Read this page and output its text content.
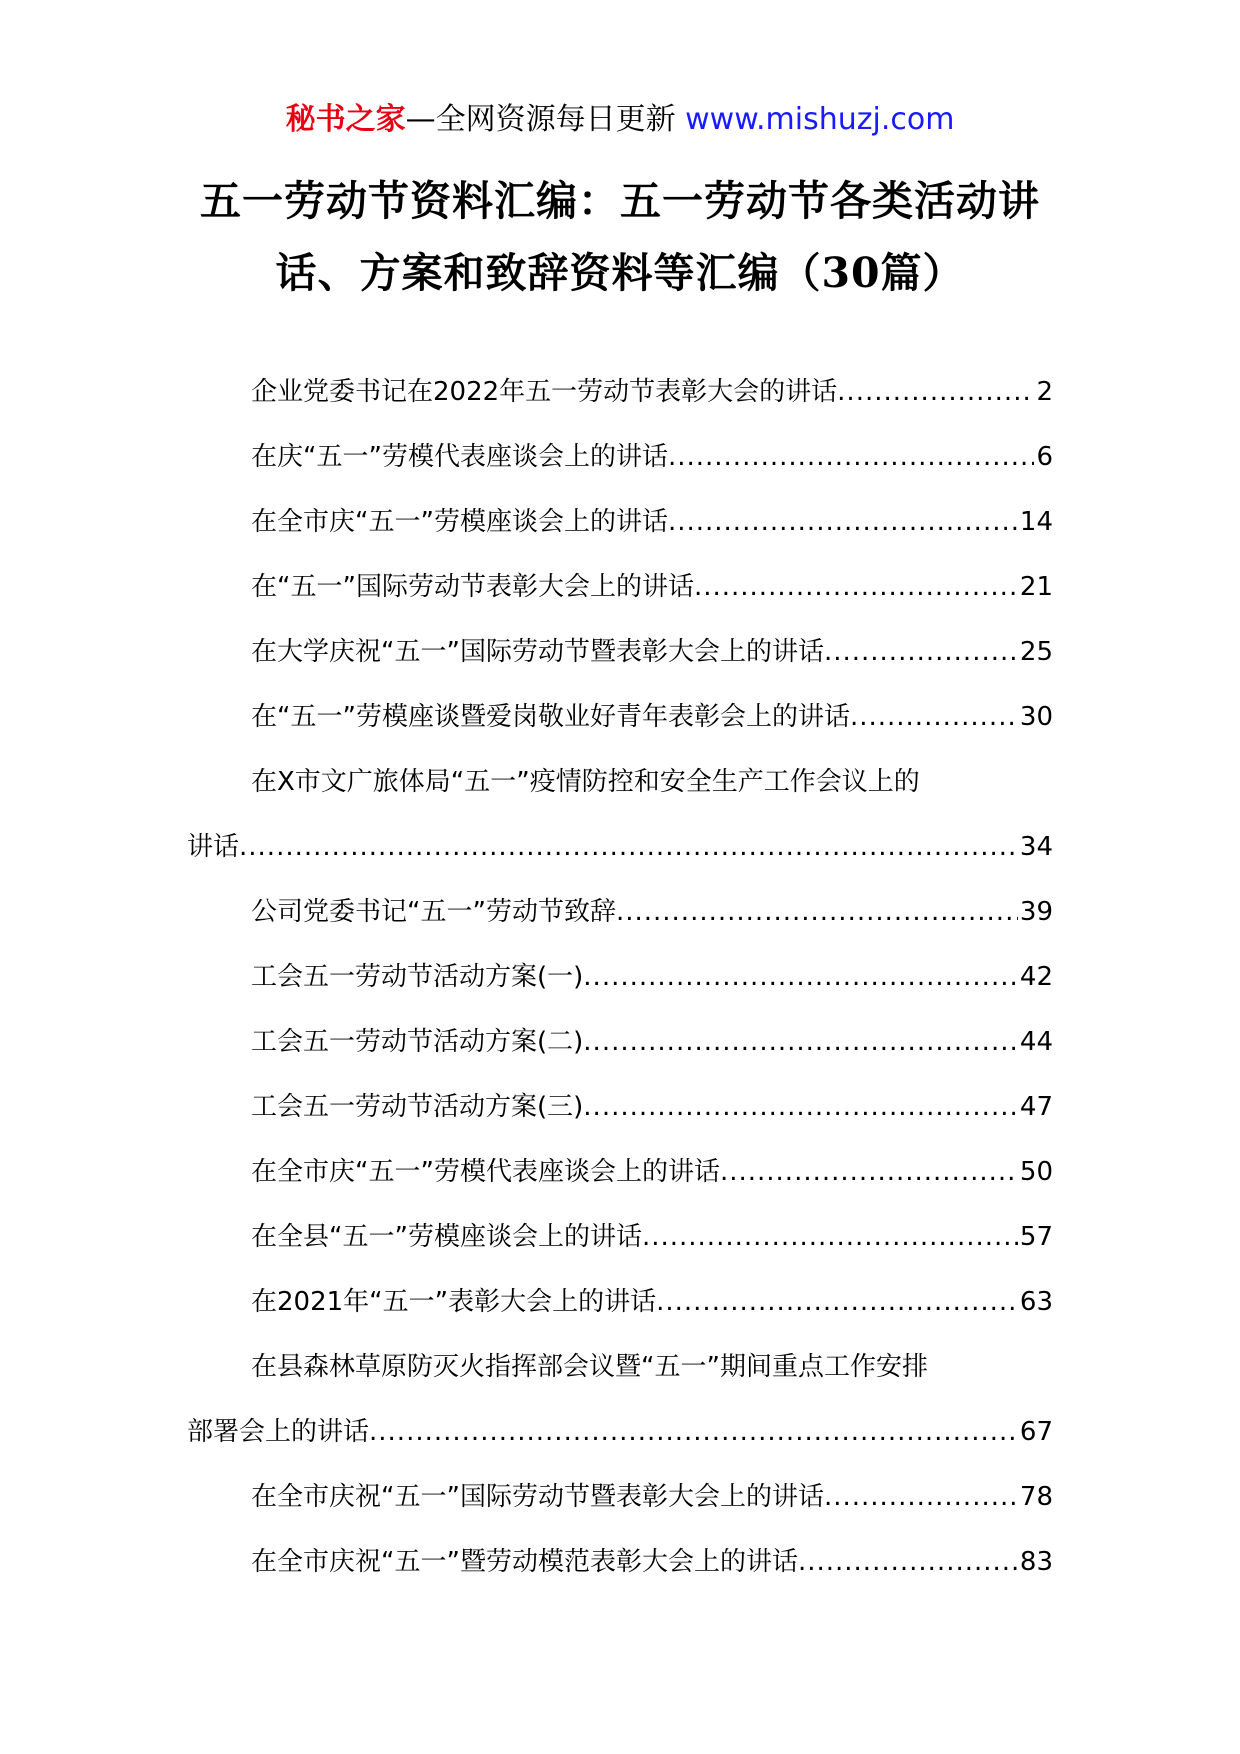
秘书之家—全网资源每日更新 www.mishuzj.com
五一劳动节资料汇编：五一劳动节各类活动讲
话、方案和致辞资料等汇编（30篇）
企业党委书记在2022年五一劳动节表彰大会的讲话 .....	2
在庆“五一”劳模代表座谈会上的讲话 .....	6
在全市庆“五一”劳模座谈会上的讲话 .....	14
在“五一”国际劳动节表彰大会上的讲话 .....	21
在大学庆祝“五一”国际劳动节暨表彰大会上的讲话 .....	25
在“五一”劳模座谈暨爱岗敬业好青年表彰会上的讲话 .....	30
在X市文广旅体局“五一”疫情防控和安全生产工作会议上的
讲话 .....	34
公司党委书记“五一”劳动节致辞 .....	39
工会五一劳动节活动方案(一) .....	42
工会五一劳动节活动方案(二) .....	44
工会五一劳动节活动方案(三) .....	47
在全市庆“五一”劳模代表座谈会上的讲话 .....	50
在全县“五一”劳模座谈会上的讲话 .....	57
在2021年“五一”表彰大会上的讲话 .....	63
在县森林草原防灭火指挥部会议暨“五一”期间重点工作安排
部署会上的讲话 .....	67
在全市庆祝“五一”国际劳动节暨表彰大会上的讲话 .....	78
在全市庆祝“五一”暨劳动模范表彰大会上的讲话 .....	83
